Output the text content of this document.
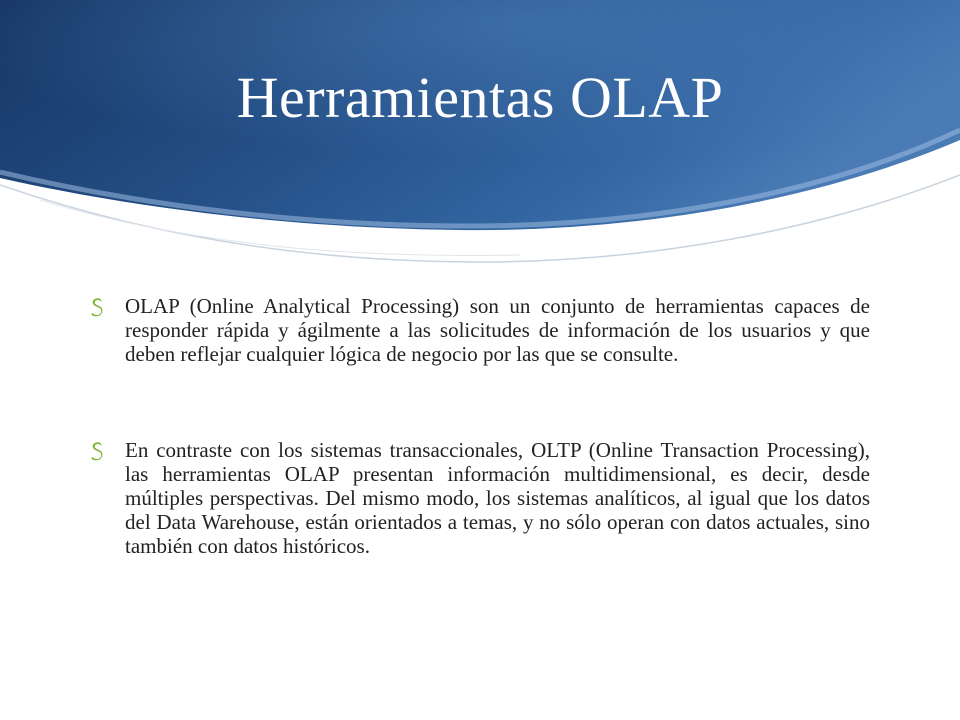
Herramientas OLAP
OLAP (Online Analytical Processing) son un conjunto de herramientas capaces de responder rápida y ágilmente a las solicitudes de información de los usuarios y que deben reflejar cualquier lógica de negocio por las que se consulte.
En contraste con los sistemas transaccionales, OLTP (Online Transaction Processing), las herramientas OLAP presentan información multidimensional, es decir, desde múltiples perspectivas. Del mismo modo, los sistemas analíticos, al igual que los datos del Data Warehouse, están orientados a temas, y no sólo operan con datos actuales, sino también con datos históricos.
